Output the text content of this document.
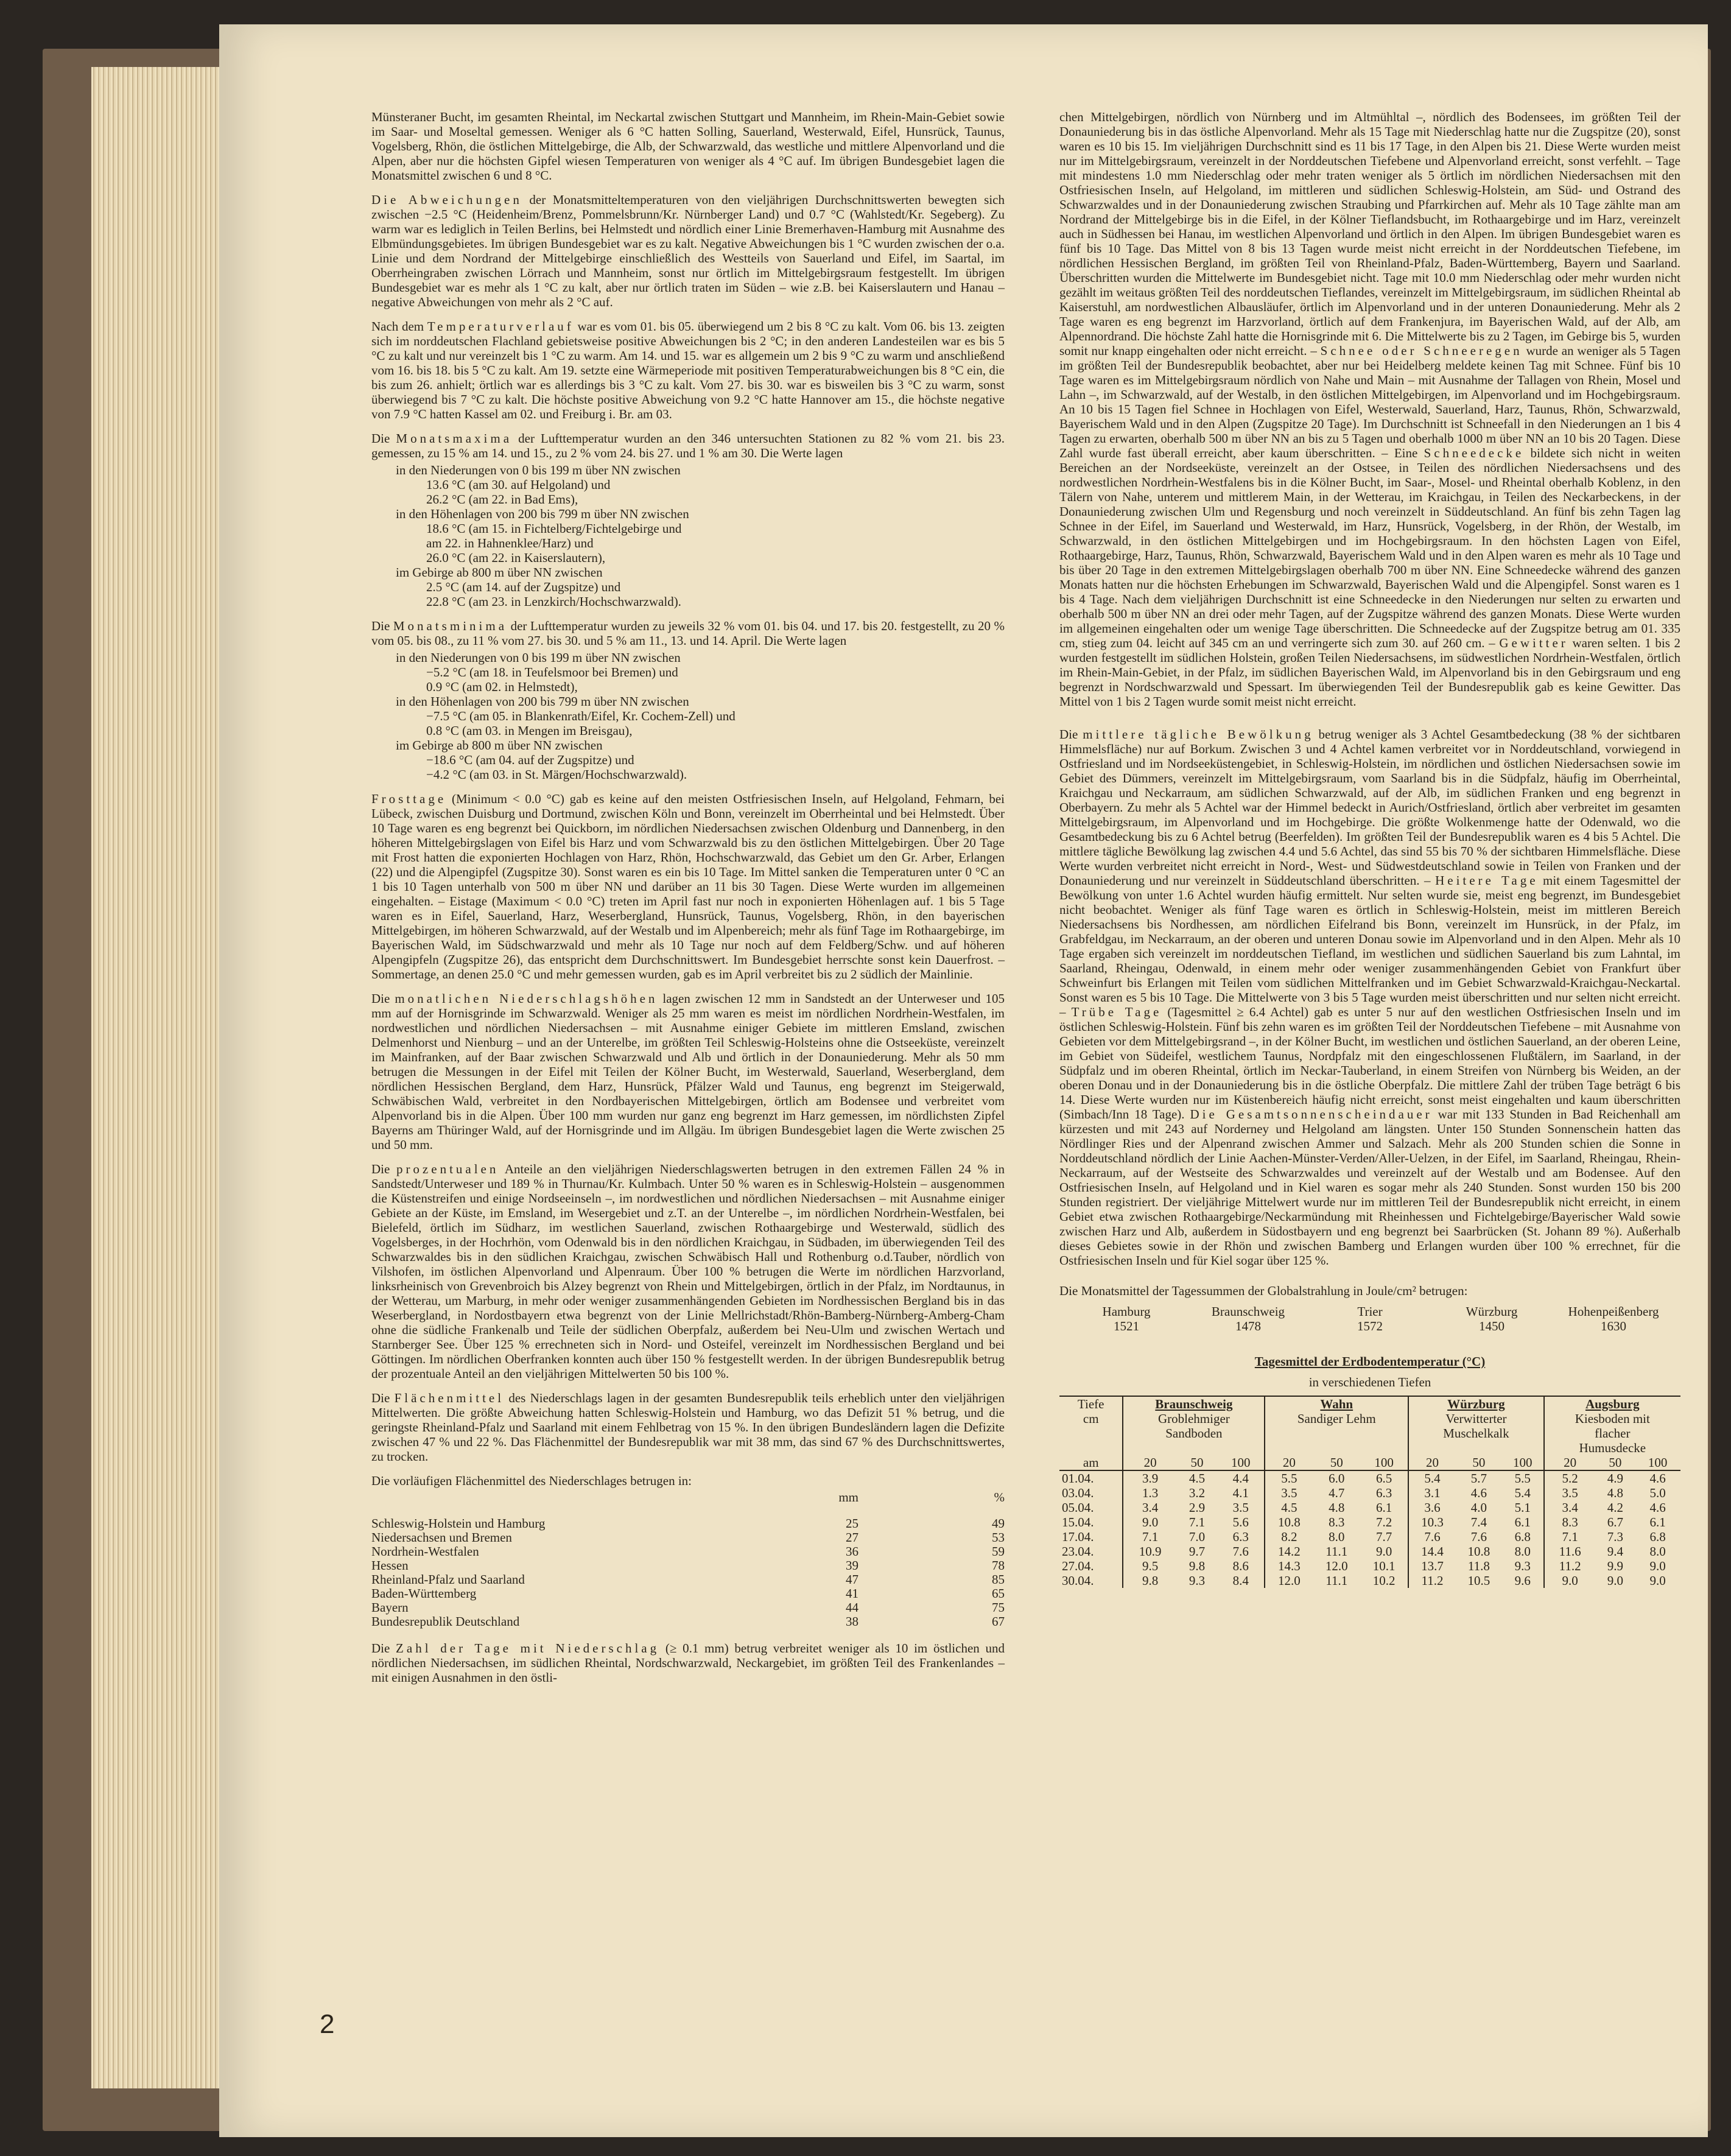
Münsteraner Bucht, im gesamten Rheintal, im Neckartal zwischen Stuttgart und Mannheim, im Rhein-Main-Gebiet sowie im Saar- und Moseltal gemessen. Weniger als 6 °C hatten Solling, Sauerland, Westerwald, Eifel, Hunsrück, Taunus, Vogelsberg, Rhön, die östlichen Mittelgebirge, die Alb, der Schwarzwald, das westliche und mittlere Alpenvorland und die Alpen, aber nur die höchsten Gipfel wiesen Temperaturen von weniger als 4 °C auf. Im übrigen Bundesgebiet lagen die Monatsmittel zwischen 6 und 8 °C.

Die Abweichungen der Monatsmitteltemperaturen von den vieljährigen Durchschnittswerten bewegten sich zwischen −2.5 °C (Heidenheim/Brenz, Pommelsbrunn/Kr. Nürnberger Land) und 0.7 °C (Wahlstedt/Kr. Segeberg). Zu warm war es lediglich in Teilen Berlins, bei Helmstedt und nördlich einer Linie Bremerhaven-Hamburg mit Ausnahme des Elbmündungsgebietes. Im übrigen Bundesgebiet war es zu kalt. Negative Abweichungen bis 1 °C wurden zwischen der o.a. Linie und dem Nordrand der Mittelgebirge einschließlich des Westteils von Sauerland und Eifel, im Saartal, im Oberrheingraben zwischen Lörrach und Mannheim, sonst nur örtlich im Mittelgebirgsraum festgestellt. Im übrigen Bundesgebiet war es mehr als 1 °C zu kalt, aber nur örtlich traten im Süden – wie z.B. bei Kaiserslautern und Hanau – negative Abweichungen von mehr als 2 °C auf.

Nach dem Temperaturverlauf war es vom 01. bis 05. überwiegend um 2 bis 8 °C zu kalt. Vom 06. bis 13. zeigten sich im norddeutschen Flachland gebietsweise positive Abweichungen bis 2 °C; in den anderen Landesteilen war es bis 5 °C zu kalt und nur vereinzelt bis 1 °C zu warm. Am 14. und 15. war es allgemein um 2 bis 9 °C zu warm und anschließend vom 16. bis 18. bis 5 °C zu kalt. Am 19. setzte eine Wärmeperiode mit positiven Temperaturabweichungen bis 8 °C ein, die bis zum 26. anhielt; örtlich war es allerdings bis 3 °C zu kalt. Vom 27. bis 30. war es bisweilen bis 3 °C zu warm, sonst überwiegend bis 7 °C zu kalt. Die höchste positive Abweichung von 9.2 °C hatte Hannover am 15., die höchste negative von 7.9 °C hatten Kassel am 02. und Freiburg i. Br. am 03.

Die Monatsmaxima der Lufttemperatur wurden an den 346 untersuchten Stationen zu 82 % vom 21. bis 23. gemessen, zu 15 % am 14. und 15., zu 2 % vom 24. bis 27. und 1 % am 30. Die Werte lagen

in den Niederungen von 0 bis 199 m über NN zwischen
13.6 °C (am 30. auf Helgoland) und
26.2 °C (am 22. in Bad Ems),
in den Höhenlagen von 200 bis 799 m über NN zwischen
18.6 °C (am 15. in Fichtelberg/Fichtelgebirge und
am 22. in Hahnenklee/Harz) und
26.0 °C (am 22. in Kaiserslautern),
im Gebirge ab 800 m über NN zwischen
2.5 °C (am 14. auf der Zugspitze) und
22.8 °C (am 23. in Lenzkirch/Hochschwarzwald).

Die Monatsminima der Lufttemperatur wurden zu jeweils 32 % vom 01. bis 04. und 17. bis 20. festgestellt, zu 20 % vom 05. bis 08., zu 11 % vom 27. bis 30. und 5 % am 11., 13. und 14. April. Die Werte lagen

in den Niederungen von 0 bis 199 m über NN zwischen
−5.2 °C (am 18. in Teufelsmoor bei Bremen) und
0.9 °C (am 02. in Helmstedt),
in den Höhenlagen von 200 bis 799 m über NN zwischen
−7.5 °C (am 05. in Blankenrath/Eifel, Kr. Cochem-Zell) und
0.8 °C (am 03. in Mengen im Breisgau),
im Gebirge ab 800 m über NN zwischen
−18.6 °C (am 04. auf der Zugspitze) und
−4.2 °C (am 03. in St. Märgen/Hochschwarzwald).

Frosttage (Minimum < 0.0 °C) gab es keine auf den meisten Ostfriesischen Inseln, auf Helgoland, Fehmarn, bei Lübeck, zwischen Duisburg und Dortmund, zwischen Köln und Bonn, vereinzelt im Oberrheintal und bei Helmstedt. Über 10 Tage waren es eng begrenzt bei Quickborn, im nördlichen Niedersachsen zwischen Oldenburg und Dannenberg, in den höheren Mittelgebirgslagen von Eifel bis Harz und vom Schwarzwald bis zu den östlichen Mittelgebirgen. Über 20 Tage mit Frost hatten die exponierten Hochlagen von Harz, Rhön, Hochschwarzwald, das Gebiet um den Gr. Arber, Erlangen (22) und die Alpengipfel (Zugspitze 30). Sonst waren es ein bis 10 Tage. Im Mittel sanken die Temperaturen unter 0 °C an 1 bis 10 Tagen unterhalb von 500 m über NN und darüber an 11 bis 30 Tagen. Diese Werte wurden im allgemeinen eingehalten. – Eistage (Maximum < 0.0 °C) treten im April fast nur noch in exponierten Höhenlagen auf. 1 bis 5 Tage waren es in Eifel, Sauerland, Harz, Weserbergland, Hunsrück, Taunus, Vogelsberg, Rhön, in den bayerischen Mittelgebirgen, im höheren Schwarzwald, auf der Westalb und im Alpenbereich; mehr als fünf Tage im Rothaargebirge, im Bayerischen Wald, im Südschwarzwald und mehr als 10 Tage nur noch auf dem Feldberg/Schw. und auf höheren Alpengipfeln (Zugspitze 26), das entspricht dem Durchschnittswert. Im Bundesgebiet herrschte sonst kein Dauerfrost. – Sommertage, an denen 25.0 °C und mehr gemessen wurden, gab es im April verbreitet bis zu 2 südlich der Mainlinie.

Die monatlichen Niederschlagshöhen lagen zwischen 12 mm in Sandstedt an der Unterweser und 105 mm auf der Hornisgrinde im Schwarzwald. Weniger als 25 mm waren es meist im nördlichen Nordrhein-Westfalen, im nordwestlichen und nördlichen Niedersachsen – mit Ausnahme einiger Gebiete im mittleren Emsland, zwischen Delmenhorst und Nienburg – und an der Unterelbe, im größten Teil Schleswig-Holsteins ohne die Ostseeküste, vereinzelt im Mainfranken, auf der Baar zwischen Schwarzwald und Alb und örtlich in der Donauniederung. Mehr als 50 mm betrugen die Messungen in der Eifel mit Teilen der Kölner Bucht, im Westerwald, Sauerland, Weserbergland, dem nördlichen Hessischen Bergland, dem Harz, Hunsrück, Pfälzer Wald und Taunus, eng begrenzt im Steigerwald, Schwäbischen Wald, verbreitet in den Nordbayerischen Mittelgebirgen, örtlich am Bodensee und verbreitet vom Alpenvorland bis in die Alpen. Über 100 mm wurden nur ganz eng begrenzt im Harz gemessen, im nördlichsten Zipfel Bayerns am Thüringer Wald, auf der Hornisgrinde und im Allgäu. Im übrigen Bundesgebiet lagen die Werte zwischen 25 und 50 mm.

Die prozentualen Anteile an den vieljährigen Niederschlagswerten betrugen in den extremen Fällen 24 % in Sandstedt/Unterweser und 189 % in Thurnau/Kr. Kulmbach. Unter 50 % waren es in Schleswig-Holstein – ausgenommen die Küstenstreifen und einige Nordseeinseln –, im nordwestlichen und nördlichen Niedersachsen – mit Ausnahme einiger Gebiete an der Küste, im Emsland, im Wesergebiet und z.T. an der Unterelbe –, im nördlichen Nordrhein-Westfalen, bei Bielefeld, örtlich im Südharz, im westlichen Sauerland, zwischen Rothaargebirge und Westerwald, südlich des Vogelsberges, in der Hochrhön, vom Odenwald bis in den nördlichen Kraichgau, in Südbaden, im überwiegenden Teil des Schwarzwaldes bis in den südlichen Kraichgau, zwischen Schwäbisch Hall und Rothenburg o.d.Tauber, nördlich von Vilshofen, im östlichen Alpenvorland und Alpenraum. Über 100 % betrugen die Werte im nördlichen Harzvorland, linksrheinisch von Grevenbroich bis Alzey begrenzt von Rhein und Mittelgebirgen, örtlich in der Pfalz, im Nordtaunus, in der Wetterau, um Marburg, in mehr oder weniger zusammenhängenden Gebieten im Nordhessischen Bergland bis in das Weserbergland, in Nordostbayern etwa begrenzt von der Linie Mellrichstadt/Rhön-Bamberg-Nürnberg-Amberg-Cham ohne die südliche Frankenalb und Teile der südlichen Oberpfalz, außerdem bei Neu-Ulm und zwischen Wertach und Starnberger See. Über 125 % errechneten sich in Nord- und Osteifel, vereinzelt im Nordhessischen Bergland und bei Göttingen. Im nördlichen Oberfranken konnten auch über 150 % festgestellt werden. In der übrigen Bundesrepublik betrug der prozentuale Anteil an den vieljährigen Mittelwerten 50 bis 100 %.

Die Flächenmittel des Niederschlags lagen in der gesamten Bundesrepublik teils erheblich unter den vieljährigen Mittelwerten. Die größte Abweichung hatten Schleswig-Holstein und Hamburg, wo das Defizit 51 % betrug, und die geringste Rheinland-Pfalz und Saarland mit einem Fehlbetrag von 15 %. In den übrigen Bundesländern lagen die Defizite zwischen 47 % und 22 %. Das Flächenmittel der Bundesrepublik war mit 38 mm, das sind 67 % des Durchschnittswertes, zu trocken.

Die vorläufigen Flächenmittel des Niederschlages betrugen in:

	mm	%

Schleswig-Holstein und Hamburg	25	49
Niedersachsen und Bremen	27	53
Nordrhein-Westfalen	36	59
Hessen	39	78
Rheinland-Pfalz und Saarland	47	85
Baden-Württemberg	41	65
Bayern	44	75
Bundesrepublik Deutschland	38	67

Die Zahl der Tage mit Niederschlag (≥ 0.1 mm) betrug verbreitet weniger als 10 im östlichen und nördlichen Niedersachsen, im südlichen Rheintal, Nordschwarzwald, Neckargebiet, im größten Teil des Frankenlandes – mit einigen Ausnahmen in den östli-

chen Mittelgebirgen, nördlich von Nürnberg und im Altmühltal –, nördlich des Bodensees, im größten Teil der Donauniederung bis in das östliche Alpenvorland. Mehr als 15 Tage mit Niederschlag hatte nur die Zugspitze (20), sonst waren es 10 bis 15. Im vieljährigen Durchschnitt sind es 11 bis 17 Tage, in den Alpen bis 21. Diese Werte wurden meist nur im Mittelgebirgsraum, vereinzelt in der Norddeutschen Tiefebene und Alpenvorland erreicht, sonst verfehlt. – Tage mit mindestens 1.0 mm Niederschlag oder mehr traten weniger als 5 örtlich im nördlichen Niedersachsen mit den Ostfriesischen Inseln, auf Helgoland, im mittleren und südlichen Schleswig-Holstein, am Süd- und Ostrand des Schwarzwaldes und in der Donauniederung zwischen Straubing und Pfarrkirchen auf. Mehr als 10 Tage zählte man am Nordrand der Mittelgebirge bis in die Eifel, in der Kölner Tieflandsbucht, im Rothaargebirge und im Harz, vereinzelt auch in Südhessen bei Hanau, im westlichen Alpenvorland und örtlich in den Alpen. Im übrigen Bundesgebiet waren es fünf bis 10 Tage. Das Mittel von 8 bis 13 Tagen wurde meist nicht erreicht in der Norddeutschen Tiefebene, im nördlichen Hessischen Bergland, im größten Teil von Rheinland-Pfalz, Baden-Württemberg, Bayern und Saarland. Überschritten wurden die Mittelwerte im Bundesgebiet nicht. Tage mit 10.0 mm Niederschlag oder mehr wurden nicht gezählt im weitaus größten Teil des norddeutschen Tieflandes, vereinzelt im Mittelgebirgsraum, im südlichen Rheintal ab Kaiserstuhl, am nordwestlichen Albausläufer, örtlich im Alpenvorland und in der unteren Donauniederung. Mehr als 2 Tage waren es eng begrenzt im Harzvorland, örtlich auf dem Frankenjura, im Bayerischen Wald, auf der Alb, am Alpennordrand. Die höchste Zahl hatte die Hornisgrinde mit 6. Die Mittelwerte bis zu 2 Tagen, im Gebirge bis 5, wurden somit nur knapp eingehalten oder nicht erreicht. – Schnee oder Schneeregen wurde an weniger als 5 Tagen im größten Teil der Bundesrepublik beobachtet, aber nur bei Heidelberg meldete keinen Tag mit Schnee. Fünf bis 10 Tage waren es im Mittelgebirgsraum nördlich von Nahe und Main – mit Ausnahme der Tallagen von Rhein, Mosel und Lahn –, im Schwarzwald, auf der Westalb, in den östlichen Mittelgebirgen, im Alpenvorland und im Hochgebirgsraum. An 10 bis 15 Tagen fiel Schnee in Hochlagen von Eifel, Westerwald, Sauerland, Harz, Taunus, Rhön, Schwarzwald, Bayerischem Wald und in den Alpen (Zugspitze 20 Tage). Im Durchschnitt ist Schneefall in den Niederungen an 1 bis 4 Tagen zu erwarten, oberhalb 500 m über NN an bis zu 5 Tagen und oberhalb 1000 m über NN an 10 bis 20 Tagen. Diese Zahl wurde fast überall erreicht, aber kaum überschritten. – Eine Schneedecke bildete sich nicht in weiten Bereichen an der Nordseeküste, vereinzelt an der Ostsee, in Teilen des nördlichen Niedersachsens und des nordwestlichen Nordrhein-Westfalens bis in die Kölner Bucht, im Saar-, Mosel- und Rheintal oberhalb Koblenz, in den Tälern von Nahe, unterem und mittlerem Main, in der Wetterau, im Kraichgau, in Teilen des Neckarbeckens, in der Donauniederung zwischen Ulm und Regensburg und noch vereinzelt in Süddeutschland. An fünf bis zehn Tagen lag Schnee in der Eifel, im Sauerland und Westerwald, im Harz, Hunsrück, Vogelsberg, in der Rhön, der Westalb, im Schwarzwald, in den östlichen Mittelgebirgen und im Hochgebirgsraum. In den höchsten Lagen von Eifel, Rothaargebirge, Harz, Taunus, Rhön, Schwarzwald, Bayerischem Wald und in den Alpen waren es mehr als 10 Tage und bis über 20 Tage in den extremen Mittelgebirgslagen oberhalb 700 m über NN. Eine Schneedecke während des ganzen Monats hatten nur die höchsten Erhebungen im Schwarzwald, Bayerischen Wald und die Alpengipfel. Sonst waren es 1 bis 4 Tage. Nach dem vieljährigen Durchschnitt ist eine Schneedecke in den Niederungen nur selten zu erwarten und oberhalb 500 m über NN an drei oder mehr Tagen, auf der Zugspitze während des ganzen Monats. Diese Werte wurden im allgemeinen eingehalten oder um wenige Tage überschritten. Die Schneedecke auf der Zugspitze betrug am 01. 335 cm, stieg zum 04. leicht auf 345 cm an und verringerte sich zum 30. auf 260 cm. – Gewitter waren selten. 1 bis 2 wurden festgestellt im südlichen Holstein, großen Teilen Niedersachsens, im südwestlichen Nordrhein-Westfalen, örtlich im Rhein-Main-Gebiet, in der Pfalz, im südlichen Bayerischen Wald, im Alpenvorland bis in den Gebirgsraum und eng begrenzt in Nordschwarzwald und Spessart. Im überwiegenden Teil der Bundesrepublik gab es keine Gewitter. Das Mittel von 1 bis 2 Tagen wurde somit meist nicht erreicht.

Die mittlere tägliche Bewölkung betrug weniger als 3 Achtel Gesamtbedeckung (38 % der sichtbaren Himmelsfläche) nur auf Borkum. Zwischen 3 und 4 Achtel kamen verbreitet vor in Norddeutschland, vorwiegend in Ostfriesland und im Nordseeküstengebiet, in Schleswig-Holstein, im nördlichen und östlichen Niedersachsen sowie im Gebiet des Dümmers, vereinzelt im Mittelgebirgsraum, vom Saarland bis in die Südpfalz, häufig im Oberrheintal, Kraichgau und Neckarraum, am südlichen Schwarzwald, auf der Alb, im südlichen Franken und eng begrenzt in Oberbayern. Zu mehr als 5 Achtel war der Himmel bedeckt in Aurich/Ostfriesland, örtlich aber verbreitet im gesamten Mittelgebirgsraum, im Alpenvorland und im Hochgebirge. Die größte Wolkenmenge hatte der Odenwald, wo die Gesamtbedeckung bis zu 6 Achtel betrug (Beerfelden). Im größten Teil der Bundesrepublik waren es 4 bis 5 Achtel. Die mittlere tägliche Bewölkung lag zwischen 4.4 und 5.6 Achtel, das sind 55 bis 70 % der sichtbaren Himmelsfläche. Diese Werte wurden verbreitet nicht erreicht in Nord-, West- und Südwestdeutschland sowie in Teilen von Franken und der Donauniederung und nur vereinzelt in Süddeutschland überschritten. – Heitere Tage mit einem Tagesmittel der Bewölkung von unter 1.6 Achtel wurden häufig ermittelt. Nur selten wurde sie, meist eng begrenzt, im Bundesgebiet nicht beobachtet. Weniger als fünf Tage waren es örtlich in Schleswig-Holstein, meist im mittleren Bereich Niedersachsens bis Nordhessen, am nördlichen Eifelrand bis Bonn, vereinzelt im Hunsrück, in der Pfalz, im Grabfeldgau, im Neckarraum, an der oberen und unteren Donau sowie im Alpenvorland und in den Alpen. Mehr als 10 Tage ergaben sich vereinzelt im norddeutschen Tiefland, im westlichen und südlichen Sauerland bis zum Lahntal, im Saarland, Rheingau, Odenwald, in einem mehr oder weniger zusammenhängenden Gebiet von Frankfurt über Schweinfurt bis Erlangen mit Teilen vom südlichen Mittelfranken und im Gebiet Schwarzwald-Kraichgau-Neckartal. Sonst waren es 5 bis 10 Tage. Die Mittelwerte von 3 bis 5 Tage wurden meist überschritten und nur selten nicht erreicht. – Trübe Tage (Tagesmittel ≥ 6.4 Achtel) gab es unter 5 nur auf den westlichen Ostfriesischen Inseln und im östlichen Schleswig-Holstein. Fünf bis zehn waren es im größten Teil der Norddeutschen Tiefebene – mit Ausnahme von Gebieten vor dem Mittelgebirgsrand –, in der Kölner Bucht, im westlichen und östlichen Sauerland, an der oberen Leine, im Gebiet von Südeifel, westlichem Taunus, Nordpfalz mit den eingeschlossenen Flußtälern, im Saarland, in der Südpfalz und im oberen Rheintal, örtlich im Neckar-Tauberland, in einem Streifen von Nürnberg bis Weiden, an der oberen Donau und in der Donauniederung bis in die östliche Oberpfalz. Die mittlere Zahl der trüben Tage beträgt 6 bis 14. Diese Werte wurden nur im Küstenbereich häufig nicht erreicht, sonst meist eingehalten und kaum überschritten (Simbach/Inn 18 Tage). Die Gesamtsonnenscheindauer war mit 133 Stunden in Bad Reichenhall am kürzesten und mit 243 auf Norderney und Helgoland am längsten. Unter 150 Stunden Sonnenschein hatten das Nördlinger Ries und der Alpenrand zwischen Ammer und Salzach. Mehr als 200 Stunden schien die Sonne in Norddeutschland nördlich der Linie Aachen-Münster-Verden/Aller-Uelzen, in der Eifel, im Saarland, Rheingau, Rhein-Neckarraum, auf der Westseite des Schwarzwaldes und vereinzelt auf der Westalb und am Bodensee. Auf den Ostfriesischen Inseln, auf Helgoland und in Kiel waren es sogar mehr als 240 Stunden. Sonst wurden 150 bis 200 Stunden registriert. Der vieljährige Mittelwert wurde nur im mittleren Teil der Bundesrepublik nicht erreicht, in einem Gebiet etwa zwischen Rothaargebirge/Neckarmündung mit Rheinhessen und Fichtelgebirge/Bayerischer Wald sowie zwischen Harz und Alb, außerdem in Südostbayern und eng begrenzt bei Saarbrücken (St. Johann 89 %). Außerhalb dieses Gebietes sowie in der Rhön und zwischen Bamberg und Erlangen wurden über 100 % errechnet, für die Ostfriesischen Inseln und für Kiel sogar über 125 %.

Die Monatsmittel der Tagessummen der Globalstrahlung in Joule/cm² betrugen:

Hamburg	Braunschweig	Trier	Würzburg	Hohenpeißenberg
1521	1478	1572	1450	1630
Tagesmittel der Erdbodentemperatur (°C)
in verschiedenen Tiefen
Tiefe	Braunschweig			Wahn			Würzburg			Augsburg		
cm	Groblehmiger			Sandiger Lehm			Verwitterter			Kiesboden mit		
	Sandboden						Muschelkalk			flacher		
										Humusdecke		
am	20	50	100	20	50	100	20	50	100	20	50	100
01.04.	3.9	4.5	4.4	5.5	6.0	6.5	5.4	5.7	5.5	5.2	4.9	4.6
03.04.	1.3	3.2	4.1	3.5	4.7	6.3	3.1	4.6	5.4	3.5	4.8	5.0
05.04.	3.4	2.9	3.5	4.5	4.8	6.1	3.6	4.0	5.1	3.4	4.2	4.6
15.04.	9.0	7.1	5.6	10.8	8.3	7.2	10.3	7.4	6.1	8.3	6.7	6.1
17.04.	7.1	7.0	6.3	8.2	8.0	7.7	7.6	7.6	6.8	7.1	7.3	6.8
23.04.	10.9	9.7	7.6	14.2	11.1	9.0	14.4	10.8	8.0	11.6	9.4	8.0
27.04.	9.5	9.8	8.6	14.3	12.0	10.1	13.7	11.8	9.3	11.2	9.9	9.0
30.04.	9.8	9.3	8.4	12.0	11.1	10.2	11.2	10.5	9.6	9.0	9.0	9.0
2
